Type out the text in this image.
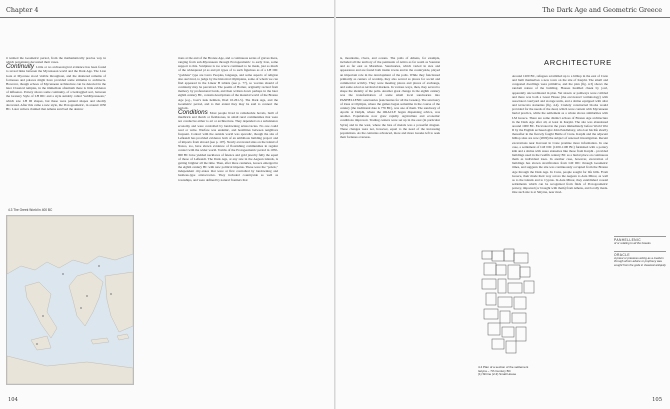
Chapter 4	The Dark Age and Geometric Greece

it termed the Geometric period, from the mathematically precise way in which potpainters decorated their vases.

Continuity Little or no archaeological evidence has been found to reveal links between the Mycenaean world and the Dark Age. The Lion Gate at Mycenae stood visible throughout, and the shattered remains of fortresses and palaces might have provided some stimulus to architects. However, though echoes of Mycenaean architecture can be detected in the later Classical temples, in the immediate aftermath there is little evidence of influence. Pottery shows some continuity, of a bedraggled sort, between the Granary Style of LH IIIC and a style suitably called "subMycenaean," which saw LH III shapes, but these were painted shapes and shoddy decorated. After this came a new style, the Protogeometric, in around 1050 BC. Later writers claimed that Athens survived the destruc

4.3 The Greek World in 400 BC

tions at the end of the Bronze Age, and a continuous series of graves there, ranging from sub-Mycenaean through Protogeometric to early Iron, some support to this. Sculpture is too scarce continued to be made, just so much of the widespread pl as and pit types of to such figurines as of a LH IIIC "goddess" type are Cerro Peoples, language, and some aspects of religion also survived, to judge by the historical Olympians, some of whom we can find appeared in the Linear B tablets (see p. 77), so worries should of continuity may be perceived. The poems of Homer, originally recited from memory by professional bards, and then written down perhaps in the later eighth century BC, contain descriptions of the material world of the Bronze Age (e.g., boar's tusk helmets, Iliad 10.261-5). The Dark Age, and the Geometric period, and to that extent they may be said to connect the periods.

Conditions Most people lived in ramshackle hovels, built of mudbrick and thatch or fieldstones, in small rural communities that were not conducive either to art or architecture. They depended on a subsistence economy and were controlled by landowning aristocracies. No one could read or write. Warfare was endemic, and hostilities between neighbors frequent. Contact with the outside world was sporadic, though the site of Lefkandi has provided evidence both of an ambitious building project and of imports from abroad (see p. 107). Newly excavated sites on the island of Naxos, too, have shown evidence of flourishing communities in regular contact with the wider world. Tombs of the Protogeometric period in 1050-900 BC have yielded necklaces of faience and gold jewelry fully the equal of those of Lefkandi. The Dark Age, at any rate in the Aegean islands, is getting brighter all the time. Then, after three centuries, Greece emerged in the eighth century BC with new political impetus. These were the "poleis," independent city-states that were at first controlled by landowning and basileus-type aristocracies. They included countryside as well as townships, and were defined by natural frontiers that

is, mountains, rivers, and oceans. The polis of Athens, for example, included all the territory of the peninsula of Attica as far south as Sounion and as far east as Marathon. Sanctuaries, which varied in size and appearance and are found both inside towns and in the countryside, played an important role in the development of the polis. While they functioned primarily as centers of worship, they also served as places for social and commercial activity. They were meeting places and places of exchange, and some acted as territorial markers. In various ways, then, they served to shape the identity of the polis. Another great change in the eighth century was the transformation of some small local sanctuaries into PANHELLENIC sanctuaries (sanctuaries for all the Greeks). The sanctuary of Zeus at Olympia, where the games began sometime in the course of the century (the traditional date is 776 BC), was one of them. The sanctuary of Apollo at Delphi, where the ORACLE began dispensing advice, was another. Populations now grew rapidly. Agriculture and economic conditions improved. Trading centers were set up in the east (in particular Syria) and in the west, where the lure of metals was a powerful magnet. These changes were not, however, equal to the need of the increasing populations. As the centuries advanced, more and more Greeks left to seek their fortunes overseas.

4.4 Plan of a section of the settlement
Iazyna ~ 7th Century BC
(1) Shrine (2-3) Small House
ARCHITECTURE

Around 1200 BC, refugees scrambled up to a hilltop in the east of Crete and built themselves a new town on the site of Karphi. The small and congested dwellings were primitive, and the plan (fig. 4.3) shows the random nature of the building. Houses huddled cheek by jowl, apparently uncoordinated in plan. Yet streets or pathways were cobbled and there was both a Great House (the excavators' terminology) with associated courtyard and storage units, and a shrine equipped with altar and terracotta statuettes (fig. 4.4). Crudely constructed blocks would provided for the needs of the dead, which were content with Mycenaean burial practice, while the settlement as a whole shows similarities with LM Greece. There are some distinct echoes of Bronze Age architecture in the Dark Age after all, at least in Karphi. The site was abandoned around 1000 BC. Excavated in the years immediately before World War II by the English archaeologist John Pendlebury, who lost his life shortly thereafter in the fiercely fought Battle of Crete. Karphi and the adjacent hilltop sites are now (2009) the subject of renewed investigation. Recent excavations near Kavousi in Crete promise more information. In one case, a settlement of LM IIIC (1200-1100 BC) furnished with a pottery kiln and a shrine with snare statuettes like those from Karphi - provided buildings used in the twelfth century BC as a burial place on continuous them as individual trees. In another case, however, excavation of buildings has shown stratification from LM IIIC through Geometric times, and suggests the site was continuously occupied from the Bronze Age through the Dark Age. In Crete, people sought for life hills. From Greece, their made their way across the Aegean to Asia Minor, as well as to the islands and to Cyprus. In Asia Minor, they established coastal settlements which can be recognized from finds of Protogeometric pottery, imported (or brought with them) from Athens, and locally made. One such site is at Smyrna, near mod-

PANHELLENIC
of or relating to all the Greeks
ORACLE
A priest or priestess acting as a medium through whom advice or prophecy was sought from the gods in classical antiquity
104	105
